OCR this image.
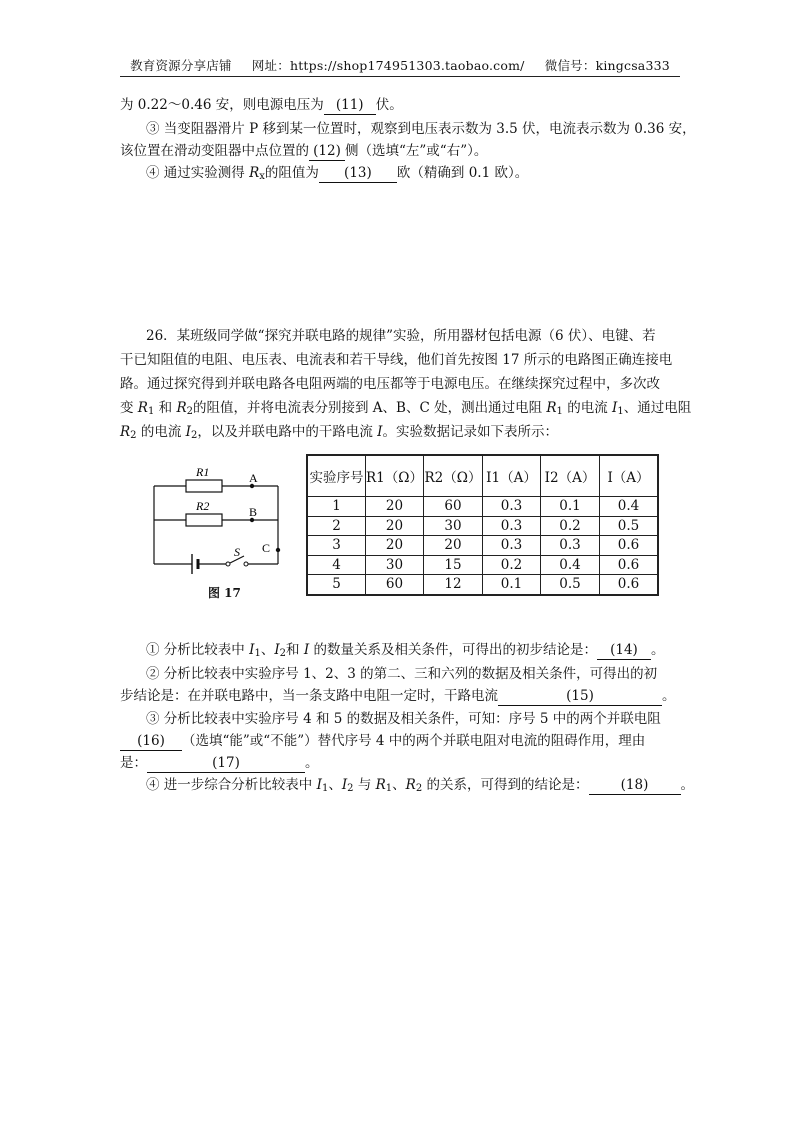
教育资源分享店铺 网址：https://shop174951303.taobao.com/ 微信号：kingcsa333
为 0.22～0.46 安，则电源电压为 (11) 伏。
③ 当变阻器滑片 P 移到某一位置时，观察到电压表示数为 3.5 伏，电流表示数为 0.36 安，
该位置在滑动变阻器中点位置的 (12) 侧（选填“左”或“右”）。
④ 通过实验测得 $R_x$的阻值为 (13) 欧（精确到 0.1 欧）。
26．某班级同学做“探究并联电路的规律”实验，所用器材包括电源（6 伏）、电键、若
干已知阻值的电阻、电压表、电流表和若干导线，他们首先按图 17 所示的电路图正确连接电
路。通过探究得到并联电路各电阻两端的电压都等于电源电压。在继续探究过程中，多次改
变 $R_1$ 和 $R_2$的阻值，并将电流表分别接到 A、B、C 处，测出通过电阻 $R_1$ 的电流 $I_1$、通过电阻
$R_2$ 的电流 $I_2$，以及并联电路中的干路电流 I。实验数据记录如下表所示：
R1
R2
A
B
C
S
图 17
实验序号	R1（Ω）	R2（Ω）	I1（A）	I2（A）	I（A）
1	20	60	0.3	0.1	0.4
2	20	30	0.3	0.2	0.5
3	20	20	0.3	0.3	0.6
4	30	15	0.2	0.4	0.6
5	60	12	0.1	0.5	0.6
① 分析比较表中 $I_1$、$I_2$和 I 的数量关系及相关条件，可得出的初步结论是： (14) 。
② 分析比较表中实验序号 1、2、3 的第二、三和六列的数据及相关条件，可得出的初
步结论是：在并联电路中，当一条支路中电阻一定时，干路电流	(15)	。
③ 分析比较表中实验序号 4 和 5 的数据及相关条件，可知：序号 5 中的两个并联电阻
(16) （选填“能”或“不能”）替代序号 4 中的两个并联电阻对电流的阻碍作用，理由
是：	(17)	。
④ 进一步综合分析比较表中 $I_1$、$I_2$ 与 $R_1$、$R_2$ 的关系，可得到的结论是： (18) 。
